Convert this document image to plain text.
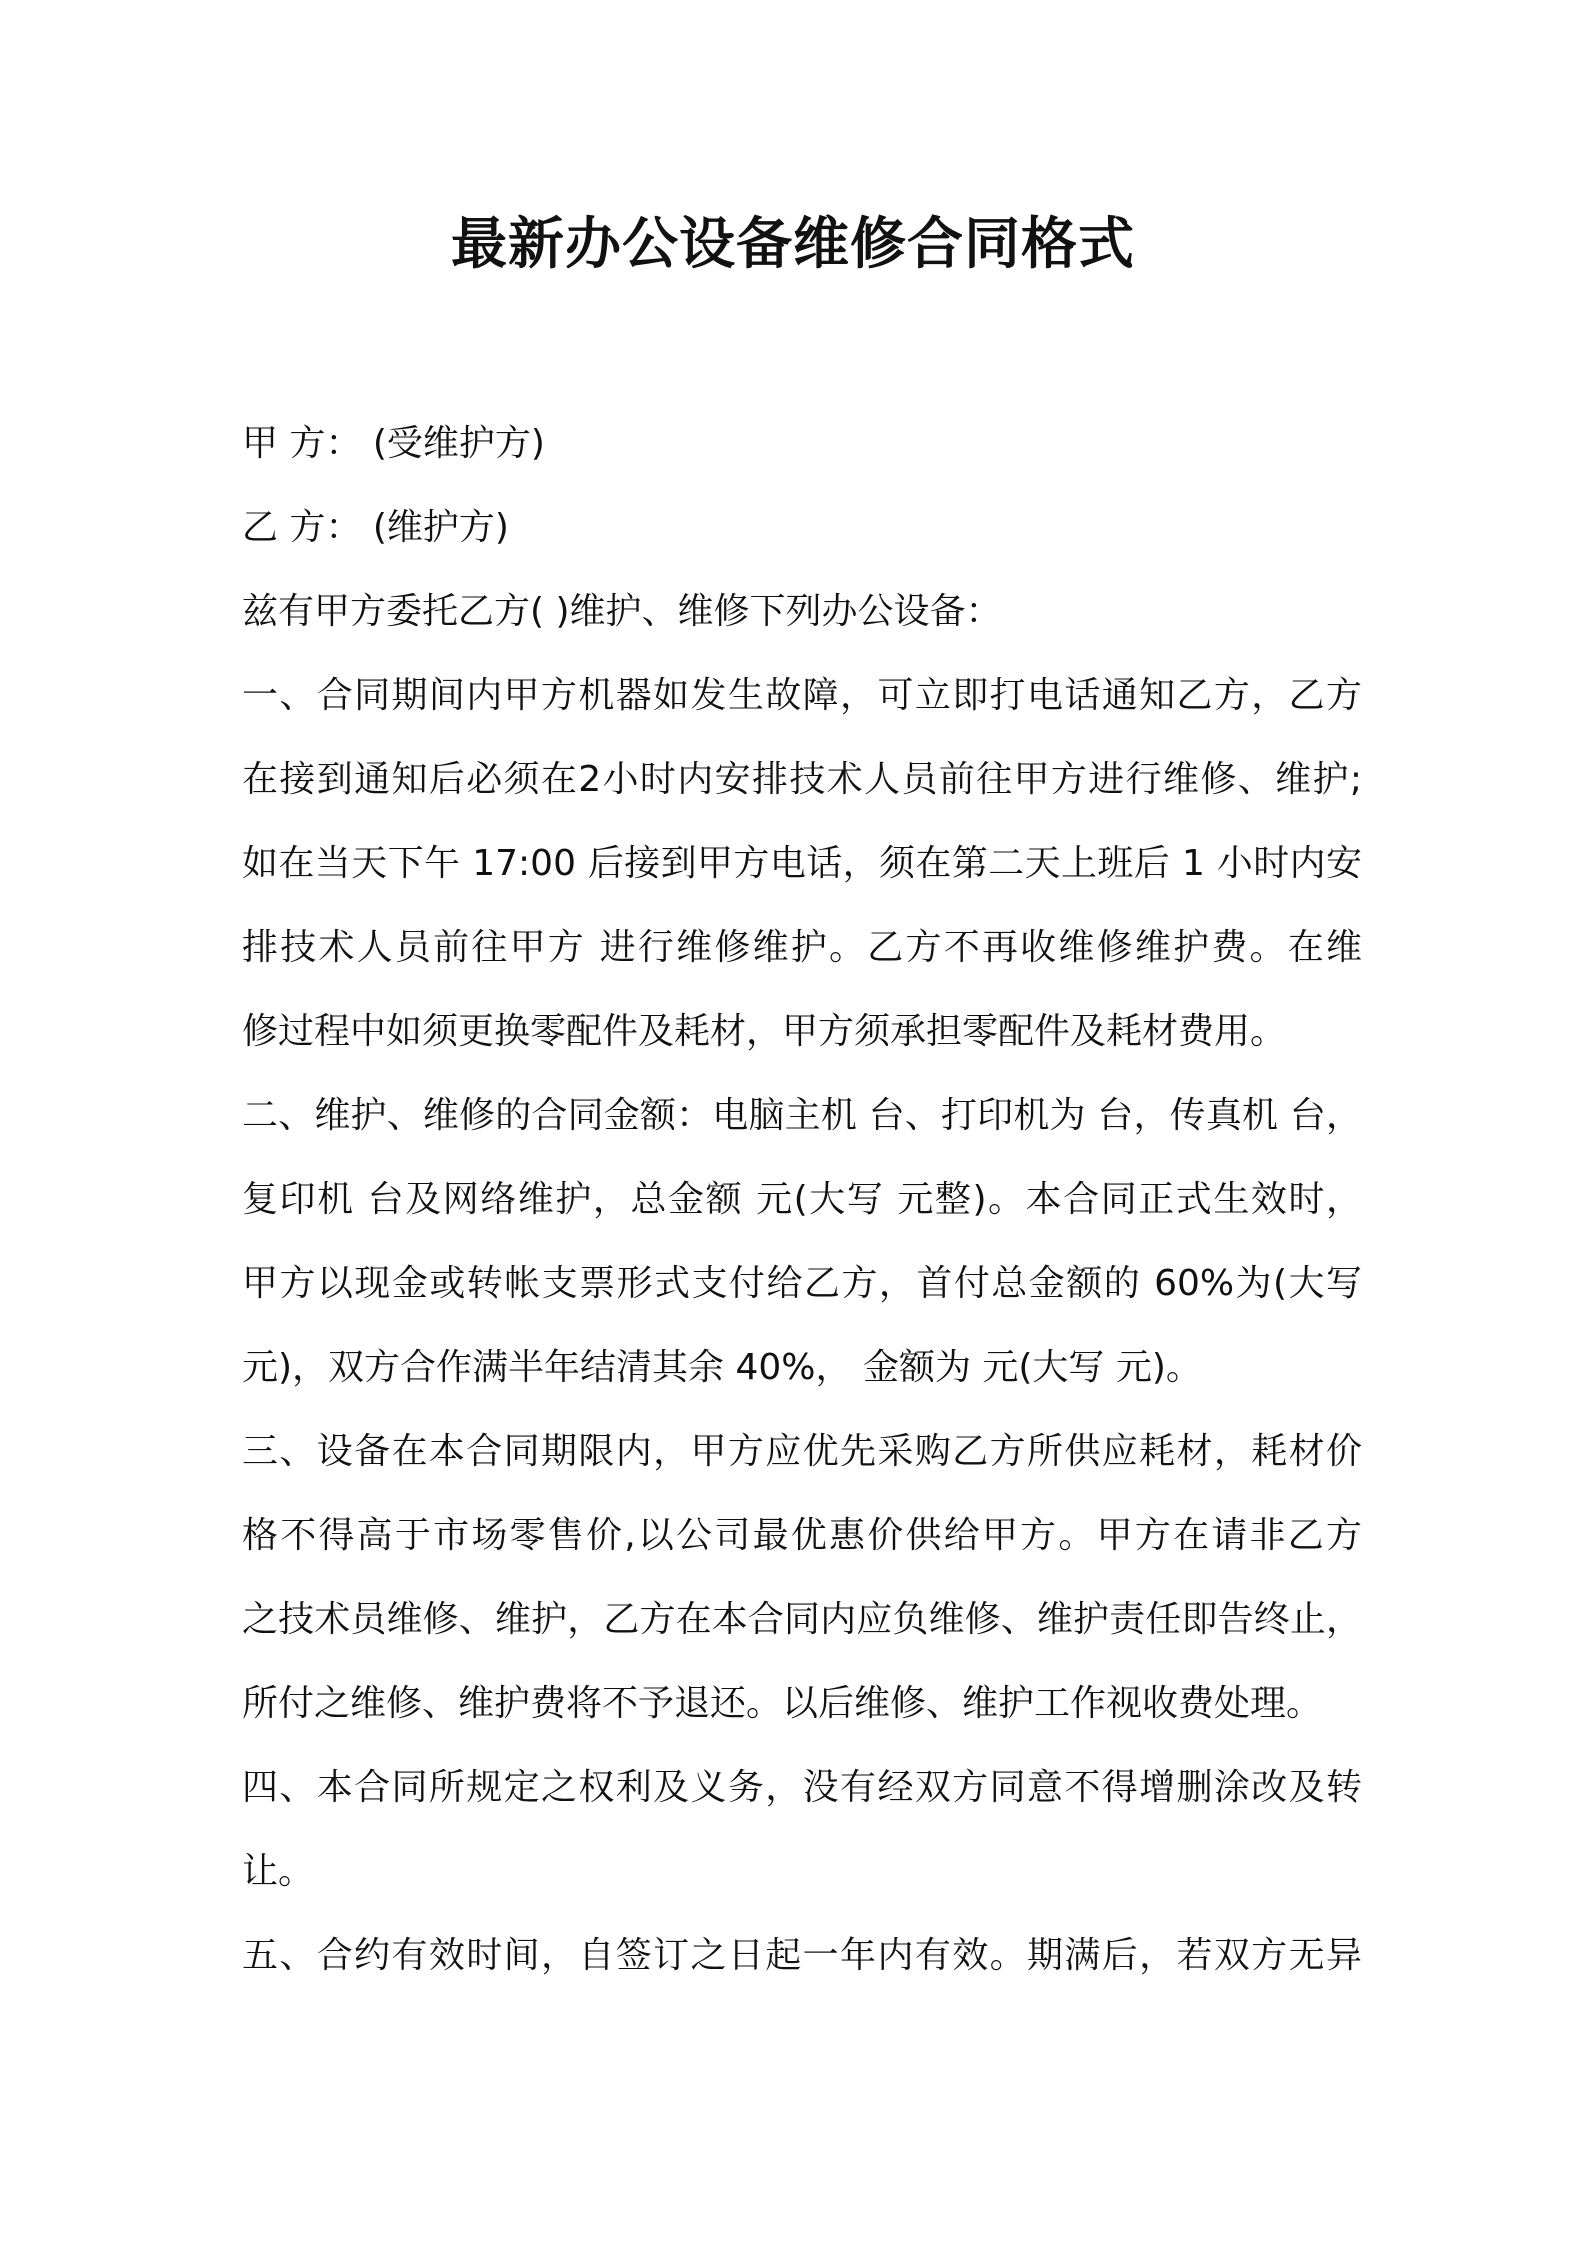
最新办公设备维修合同格式
甲 方： (受维护方)
乙 方： (维护方)
兹有甲方委托乙方( )维护、维修下列办公设备：
一、合同期间内甲方机器如发生故障，可立即打电话通知乙方，乙方
在接到通知后必须在2小时内安排技术人员前往甲方进行维修、维护;
如在当天下午 17:00 后接到甲方电话，须在第二天上班后 1 小时内安
排技术人员前往甲方 进行维修维护。乙方不再收维修维护费。在维
修过程中如须更换零配件及耗材，甲方须承担零配件及耗材费用。
二、维护、维修的合同金额：电脑主机 台、打印机为 台，传真机 台，
复印机 台及网络维护，总金额 元(大写 元整)。本合同正式生效时，
甲方以现金或转帐支票形式支付给乙方，首付总金额的 60%为(大写
元)，双方合作满半年结清其余 40%， 金额为 元(大写 元)。
三、设备在本合同期限内，甲方应优先采购乙方所供应耗材，耗材价
格不得高于市场零售价,以公司最优惠价供给甲方。甲方在请非乙方
之技术员维修、维护，乙方在本合同内应负维修、维护责任即告终止，
所付之维修、维护费将不予退还。以后维修、维护工作视收费处理。
四、本合同所规定之权利及义务，没有经双方同意不得增删涂改及转
让。
五、合约有效时间，自签订之日起一年内有效。期满后，若双方无异
